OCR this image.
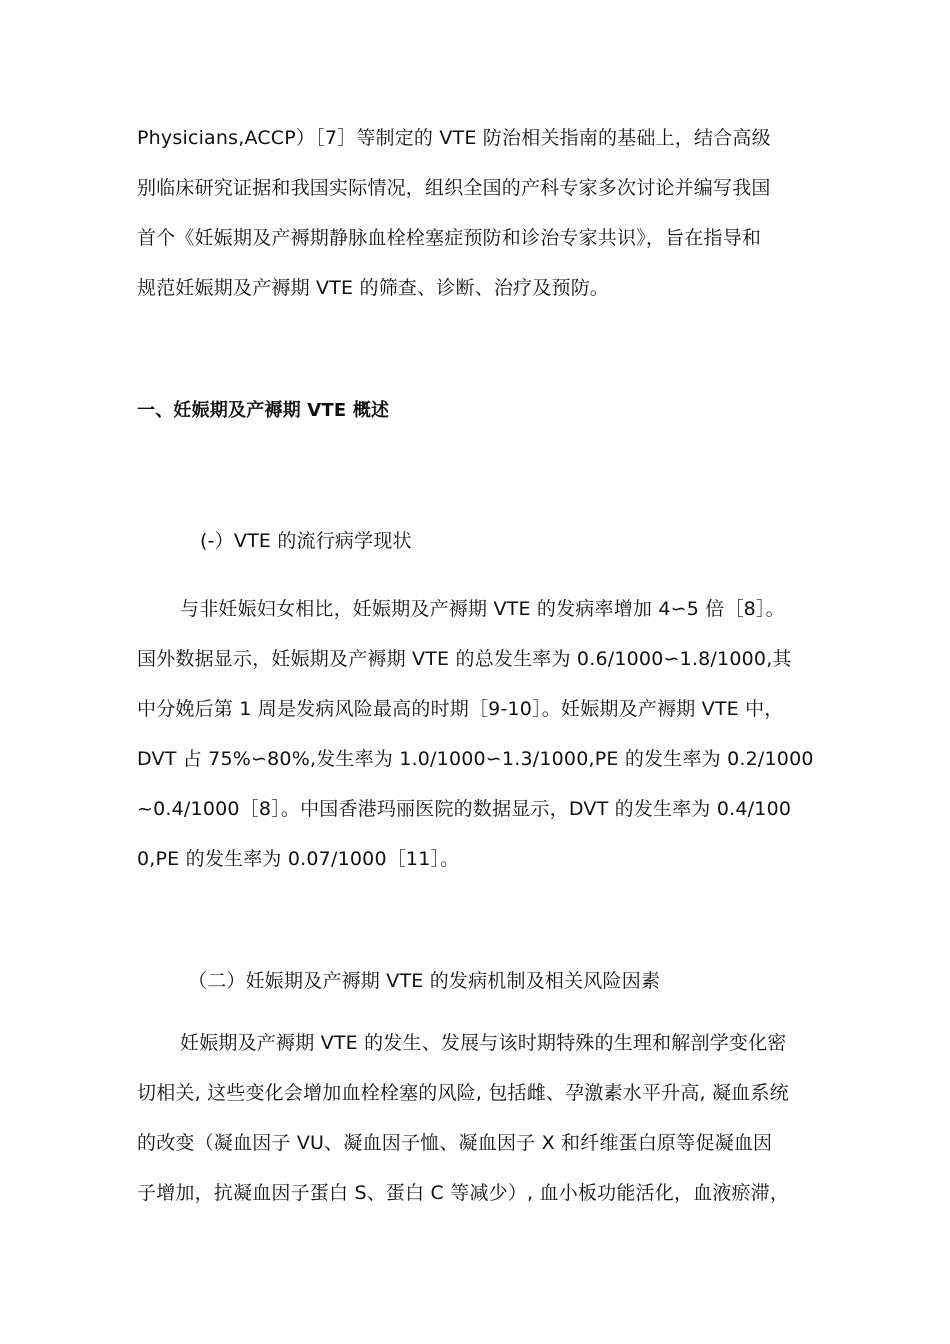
Physicians,ACCP）［7］等制定的 VTE 防治相关指南的基础上，结合高级
别临床研究证据和我国实际情况，组织全国的产科专家多次讨论并编写我国
首个《妊娠期及产褥期静脉血栓栓塞症预防和诊治专家共识》，旨在指导和
规范妊娠期及产褥期 VTE 的筛查、诊断、治疗及预防。
一、妊娠期及产褥期 VTE 概述
(-）VTE 的流行病学现状
与非妊娠妇女相比，妊娠期及产褥期 VTE 的发病率增加 4∽5 倍［8］。
国外数据显示，妊娠期及产褥期 VTE 的总发生率为 0.6/1000∽1.8/1000,其
中分娩后第 1 周是发病风险最高的时期［9-10］。妊娠期及产褥期 VTE 中，
DVT 占 75%∽80%,发生率为 1.0/1000∽1.3/1000,PE 的发生率为 0.2/1000
~0.4/1000［8］。中国香港玛丽医院的数据显示，DVT 的发生率为 0.4/100
0,PE 的发生率为 0.07/1000［11］。
（二）妊娠期及产褥期 VTE 的发病机制及相关风险因素
妊娠期及产褥期 VTE 的发生、发展与该时期特殊的生理和解剖学变化密
切相关, 这些变化会增加血栓栓塞的风险, 包括雌、孕激素水平升高, 凝血系统
的改变（凝血因子 VU、凝血因子恤、凝血因子 X 和纤维蛋白原等促凝血因
子增加，抗凝血因子蛋白 S、蛋白 C 等减少）, 血小板功能活化，血液瘀滞，
